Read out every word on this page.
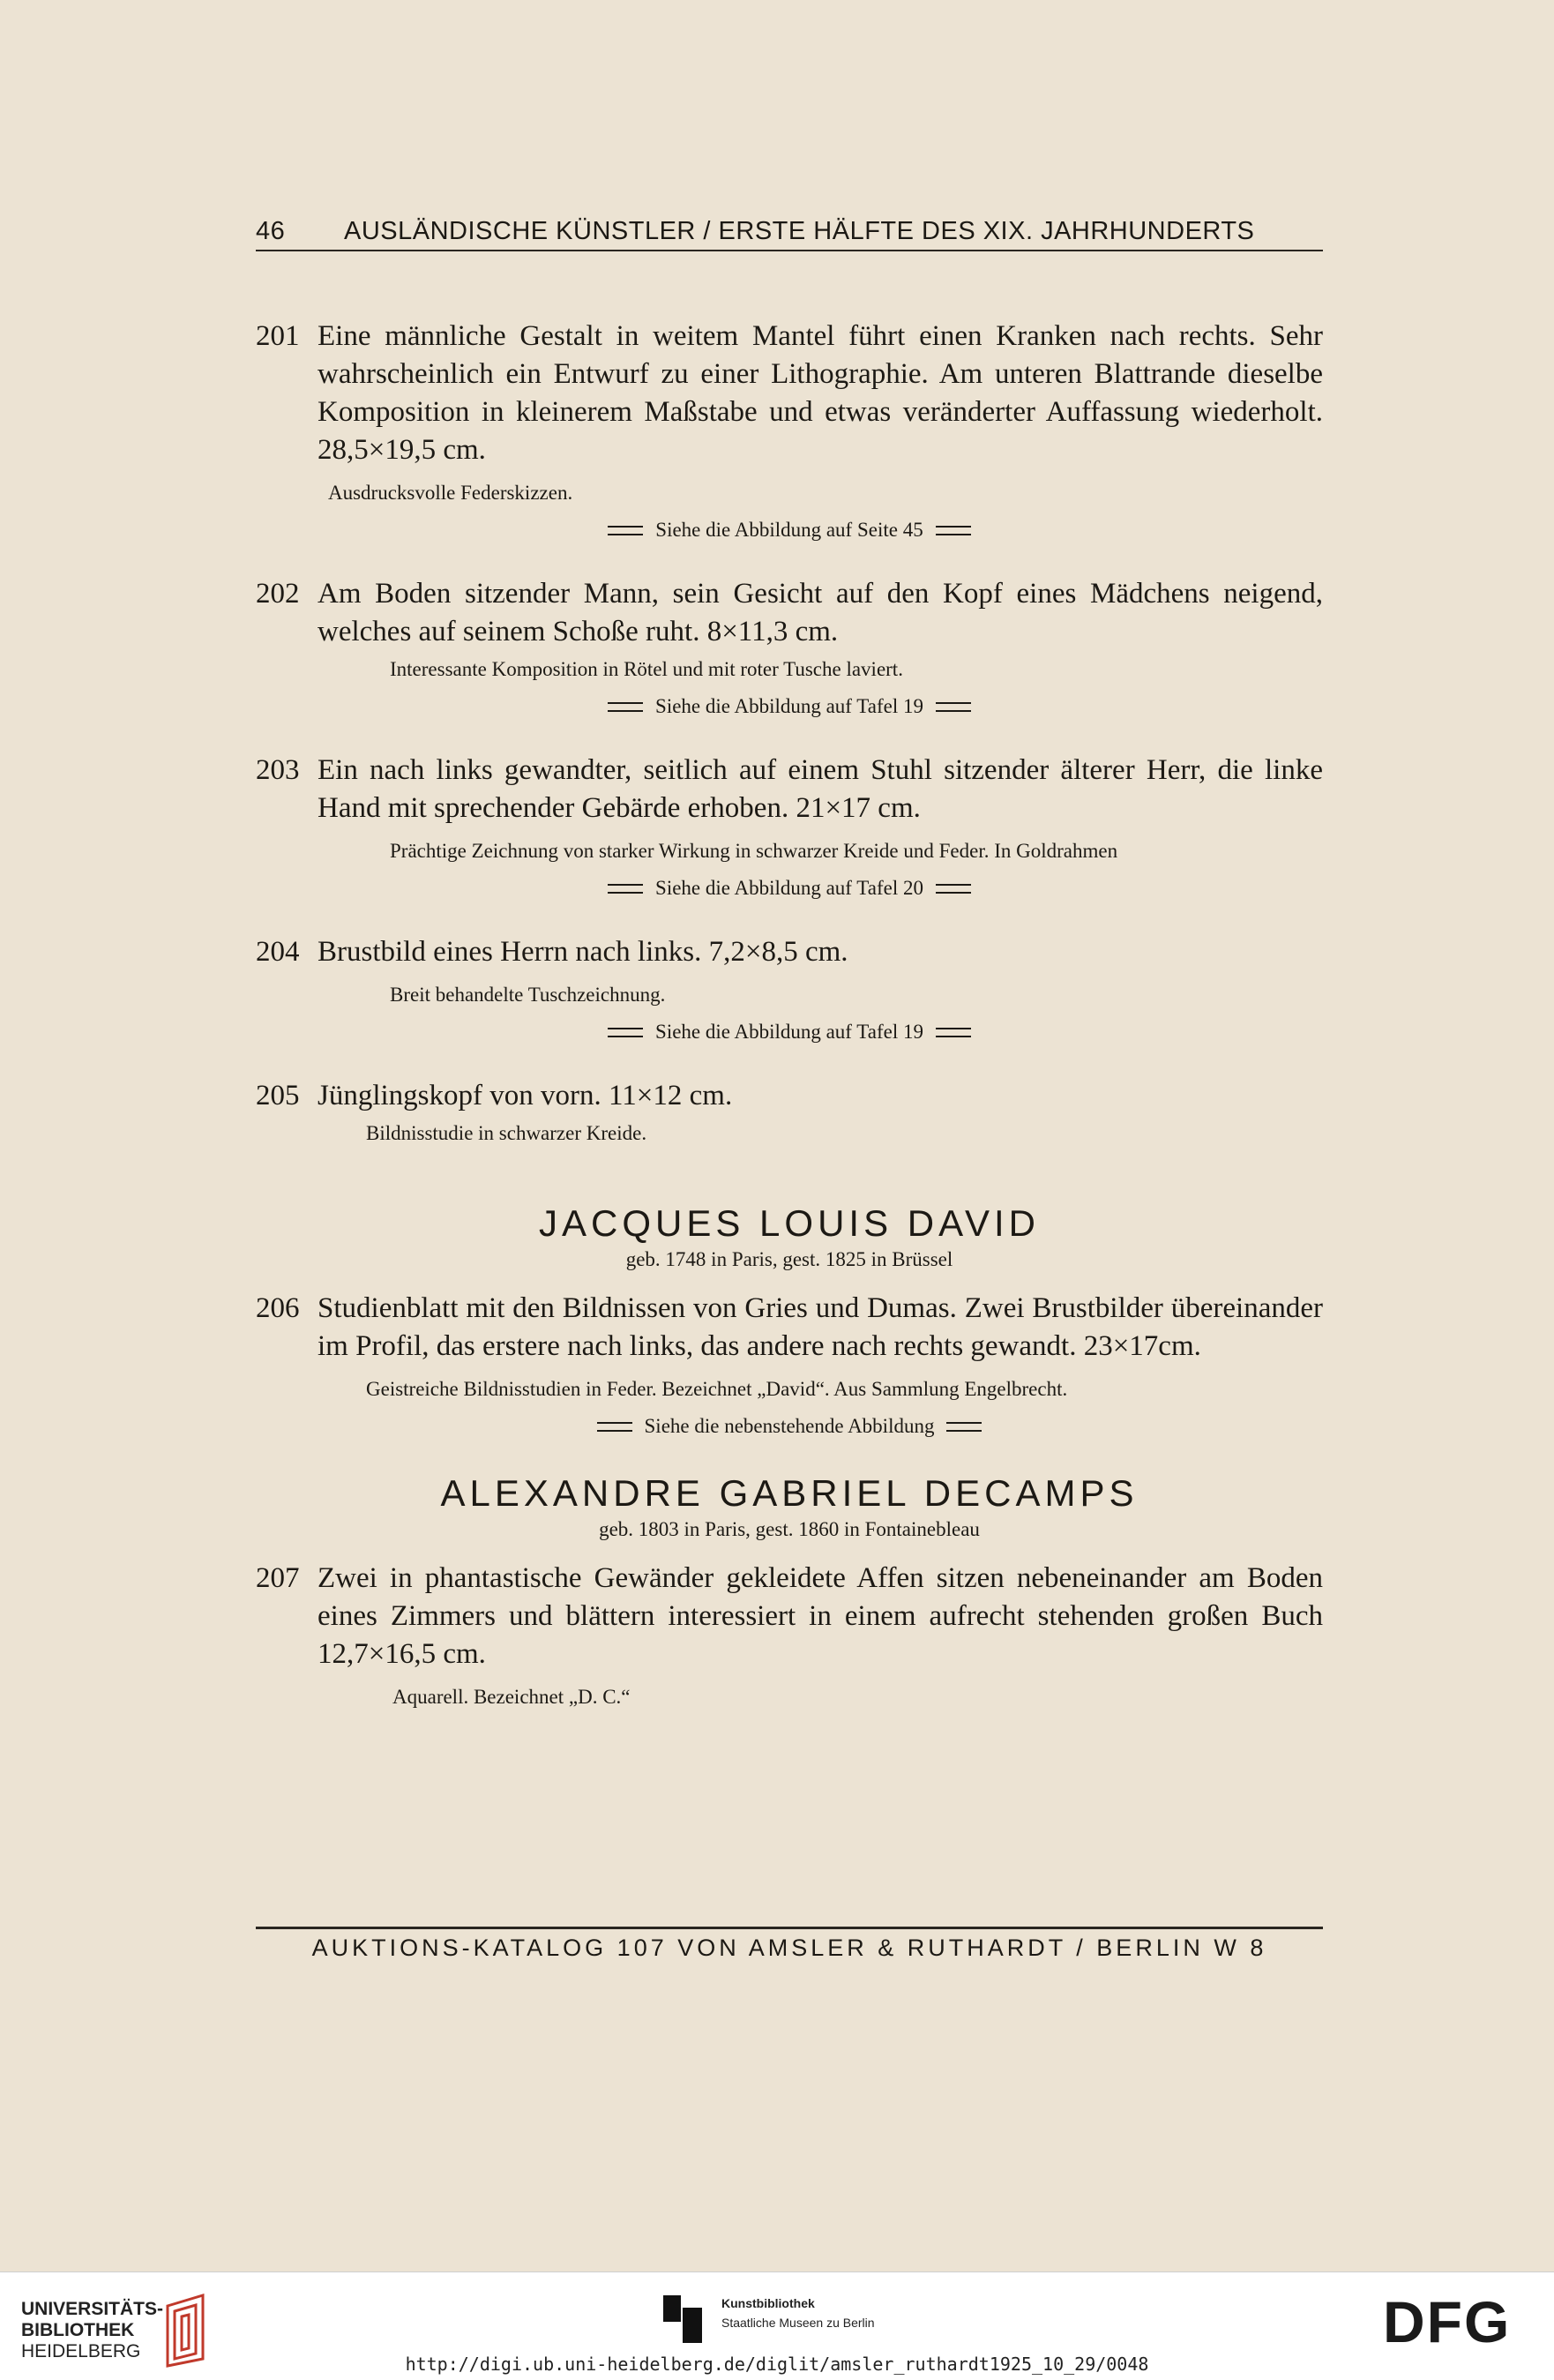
46	AUSLÄNDISCHE KÜNSTLER / ERSTE HÄLFTE DES XIX. JAHRHUNDERTS
201 Eine männliche Gestalt in weitem Mantel führt einen Kranken nach rechts. Sehr wahrscheinlich ein Entwurf zu einer Lithographie. Am unteren Blattrande dieselbe Komposition in kleinerem Maßstabe und etwas veränderter Auffassung wiederholt. 28,5×19,5 cm.
Ausdrucksvolle Federskizzen.
Siehe die Abbildung auf Seite 45
202 Am Boden sitzender Mann, sein Gesicht auf den Kopf eines Mädchens neigend, welches auf seinem Schoße ruht. 8×11,3 cm.
Interessante Komposition in Rötel und mit roter Tusche laviert.
Siehe die Abbildung auf Tafel 19
203 Ein nach links gewandter, seitlich auf einem Stuhl sitzender älterer Herr, die linke Hand mit sprechender Gebärde erhoben. 21×17 cm.
Prächtige Zeichnung von starker Wirkung in schwarzer Kreide und Feder. In Goldrahmen
Siehe die Abbildung auf Tafel 20
204 Brustbild eines Herrn nach links. 7,2×8,5 cm.
Breit behandelte Tuschzeichnung.
Siehe die Abbildung auf Tafel 19
205 Jünglingskopf von vorn. 11×12 cm.
Bildnisstudie in schwarzer Kreide.
JACQUES LOUIS DAVID
geb. 1748 in Paris, gest. 1825 in Brüssel
206 Studienblatt mit den Bildnissen von Gries und Dumas. Zwei Brustbilder übereinander im Profil, das erstere nach links, das andere nach rechts gewandt. 23×17cm.
Geistreiche Bildnisstudien in Feder. Bezeichnet „David“. Aus Sammlung Engelbrecht.
Siehe die nebenstehende Abbildung
ALEXANDRE GABRIEL DECAMPS
geb. 1803 in Paris, gest. 1860 in Fontainebleau
207 Zwei in phantastische Gewänder gekleidete Affen sitzen nebeneinander am Boden eines Zimmers und blättern interessiert in einem aufrecht stehenden großen Buch 12,7×16,5 cm.
Aquarell. Bezeichnet „D. C.“
AUKTIONS-KATALOG 107 VON AMSLER & RUTHARDT / BERLIN W 8
UNIVERSITÄTS-
BIBLIOTHEK
HEIDELBERG
Kunstbibliothek
Staatliche Museen zu Berlin	DFG
http://digi.ub.uni-heidelberg.de/diglit/amsler_ruthardt1925_10_29/0048
